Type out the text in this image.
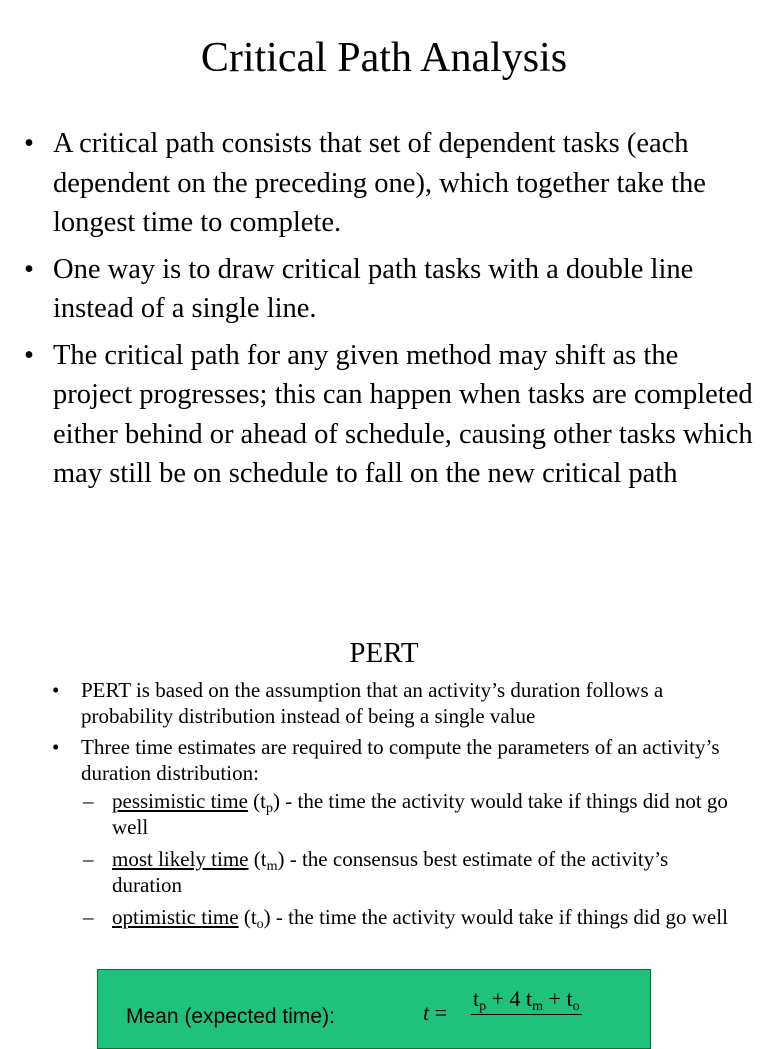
Critical Path Analysis
• A critical path consists that set of dependent tasks (each dependent on the preceding one), which together take the longest time to complete.
• One way is to draw critical path tasks with a double line instead of a single line.
• The critical path for any given method may shift as the project progresses; this can happen when tasks are completed either behind or ahead of schedule, causing other tasks which may still be on schedule to fall on the new critical path
PERT
• PERT is based on the assumption that an activity’s duration follows a probability distribution instead of being a single value
• Three time estimates are required to compute the parameters of an activity’s duration distribution:
– pessimistic time $(t_p)$ - the time the activity would take if things did not go well
– most likely time $(t_m)$ - the consensus best estimate of the activity’s duration
– optimistic time $(t_o)$ - the time the activity would take if things did go well
Mean (expected time):	t =
$t_p + 4$ $t_m + t_o$
